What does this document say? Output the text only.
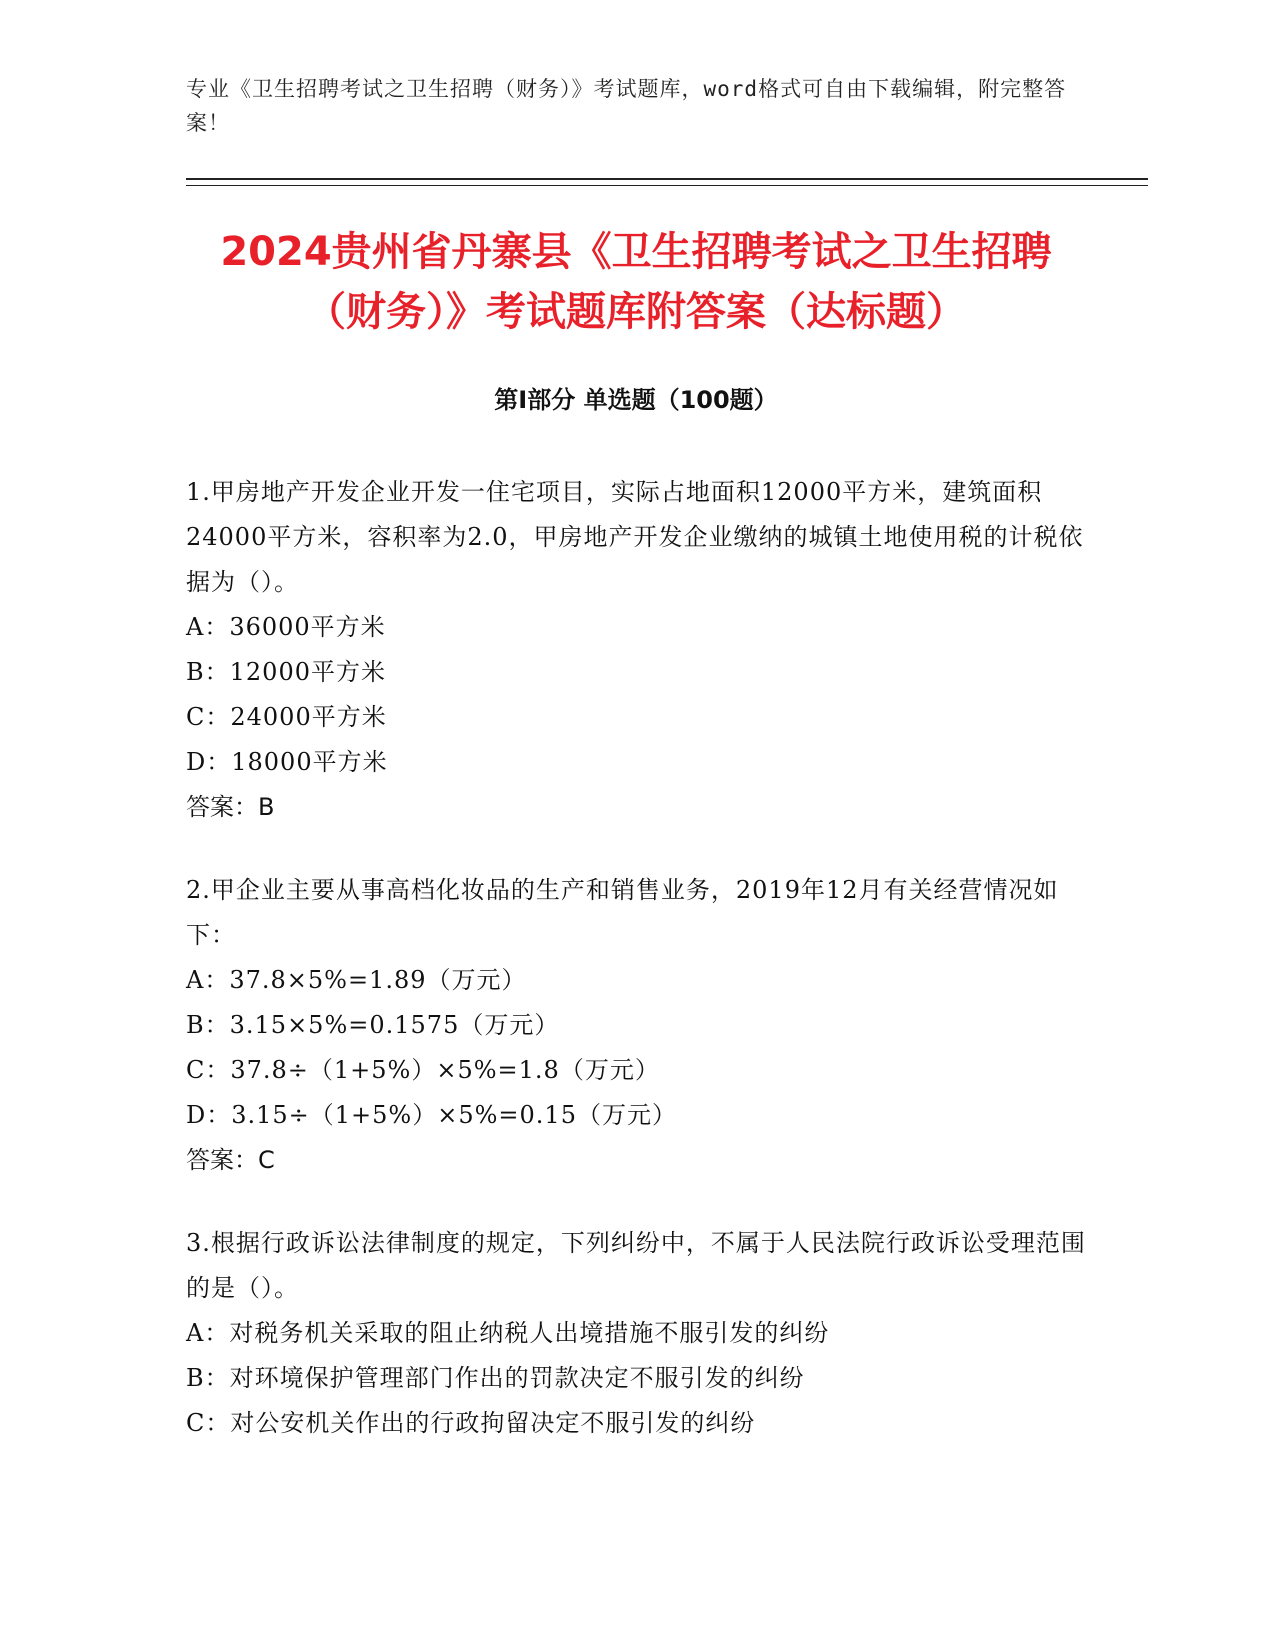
专业《卫生招聘考试之卫生招聘（财务）》考试题库，word格式可自由下载编辑，附完整答案！
2024贵州省丹寨县《卫生招聘考试之卫生招聘（财务）》考试题库附答案（达标题）
第Ⅰ部分 单选题（100题）

1.甲房地产开发企业开发一住宅项目，实际占地面积12000平方米，建筑面积24000平方米，容积率为2.0，甲房地产开发企业缴纳的城镇土地使用税的计税依据为（）。

A：36000平方米

B：12000平方米

C：24000平方米

D：18000平方米

答案：B

2.甲企业主要从事高档化妆品的生产和销售业务，2019年12月有关经营情况如下：

A：37.8×5%=1.89（万元）

B：3.15×5%=0.1575（万元）

C：37.8÷（1+5%）×5%=1.8（万元）

D：3.15÷（1+5%）×5%=0.15（万元）

答案：C

3.根据行政诉讼法律制度的规定，下列纠纷中，不属于人民法院行政诉讼受理范围的是（）。

A：对税务机关采取的阻止纳税人出境措施不服引发的纠纷

B：对环境保护管理部门作出的罚款决定不服引发的纠纷

C：对公安机关作出的行政拘留决定不服引发的纠纷
